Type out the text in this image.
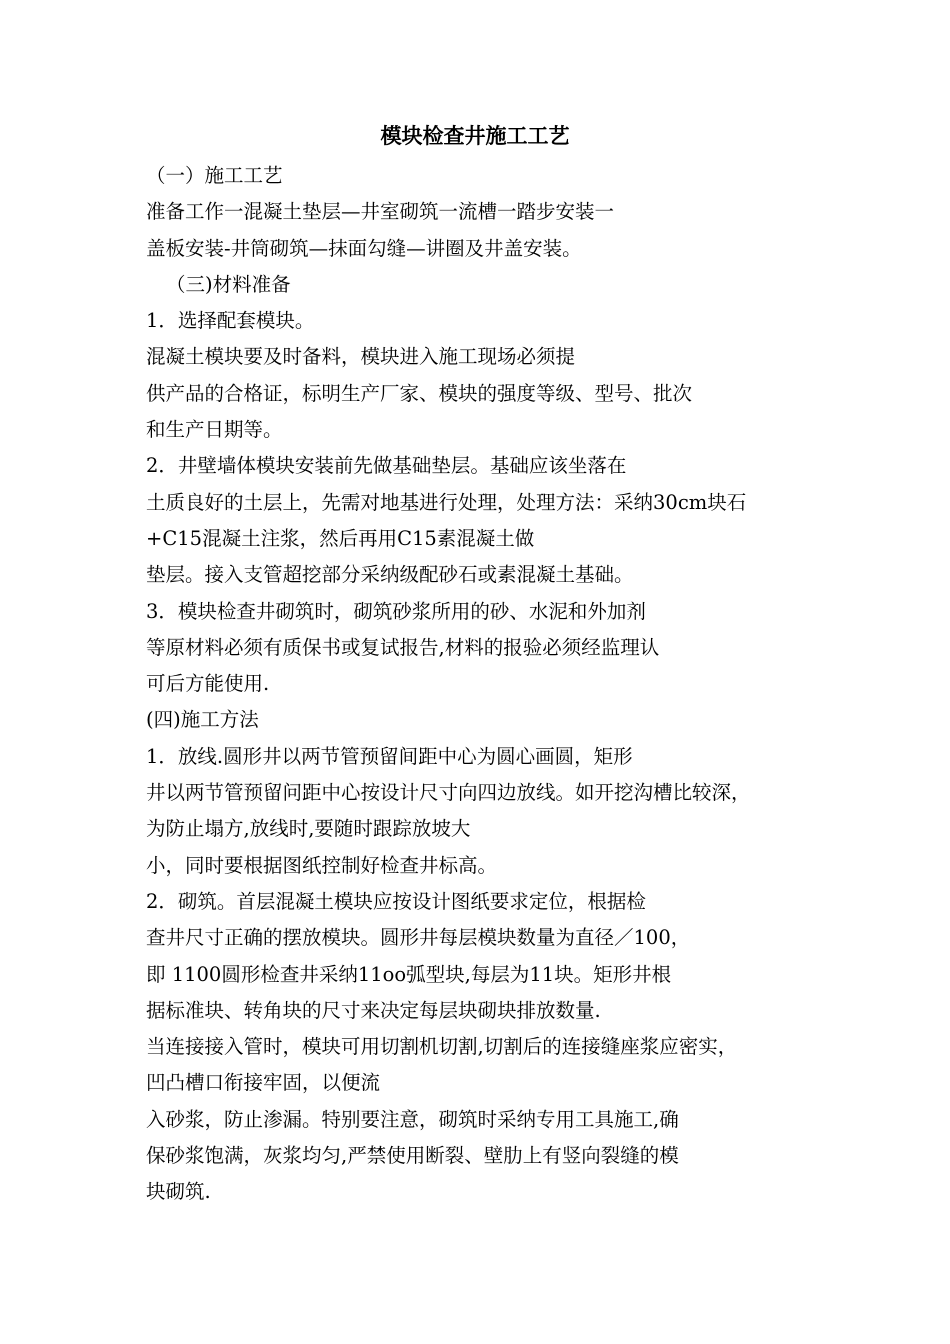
模块检查井施工工艺

（一）施工工艺

准备工作一混凝土垫层—井室砌筑一流槽一踏步安装一

盖板安装-井筒砌筑—抹面勾缝—讲圈及井盖安装。

（三)材料准备

1．选择配套模块。

混凝土模块要及时备料，模块进入施工现场必须提

供产品的合格证，标明生产厂家、模块的强度等级、型号、批次

和生产日期等。

2．井壁墙体模块安装前先做基础垫层。基础应该坐落在

土质良好的土层上，先需对地基进行处理，处理方法：采纳30cm块石

+C15混凝土注浆，然后再用C15素混凝土做

垫层。接入支管超挖部分采纳级配砂石或素混凝土基础。

3．模块检查井砌筑时，砌筑砂浆所用的砂、水泥和外加剂

等原材料必须有质保书或复试报告,材料的报验必须经监理认

可后方能使用.

(四)施工方法

1．放线.圆形井以两节管预留间距中心为圆心画圆，矩形

井以两节管预留问距中心按设计尺寸向四边放线。如开挖沟槽比较深，

为防止塌方,放线时,要随时跟踪放坡大

小，同时要根据图纸控制好检查井标高。

2．砌筑。首层混凝土模块应按设计图纸要求定位，根据检

查井尺寸正确的摆放模块。圆形井每层模块数量为直径／100，

即 1100圆形检查井采纳11oo弧型块,每层为11块。矩形井根

据标准块、转角块的尺寸来决定每层块砌块排放数量.

当连接接入管时，模块可用切割机切割,切割后的连接缝座浆应密实，

凹凸槽口衔接牢固，以便流

入砂浆，防止渗漏。特别要注意，砌筑时采纳专用工具施工,确

保砂浆饱满，灰浆均匀,严禁使用断裂、壁肋上有竖向裂缝的模

块砌筑.
